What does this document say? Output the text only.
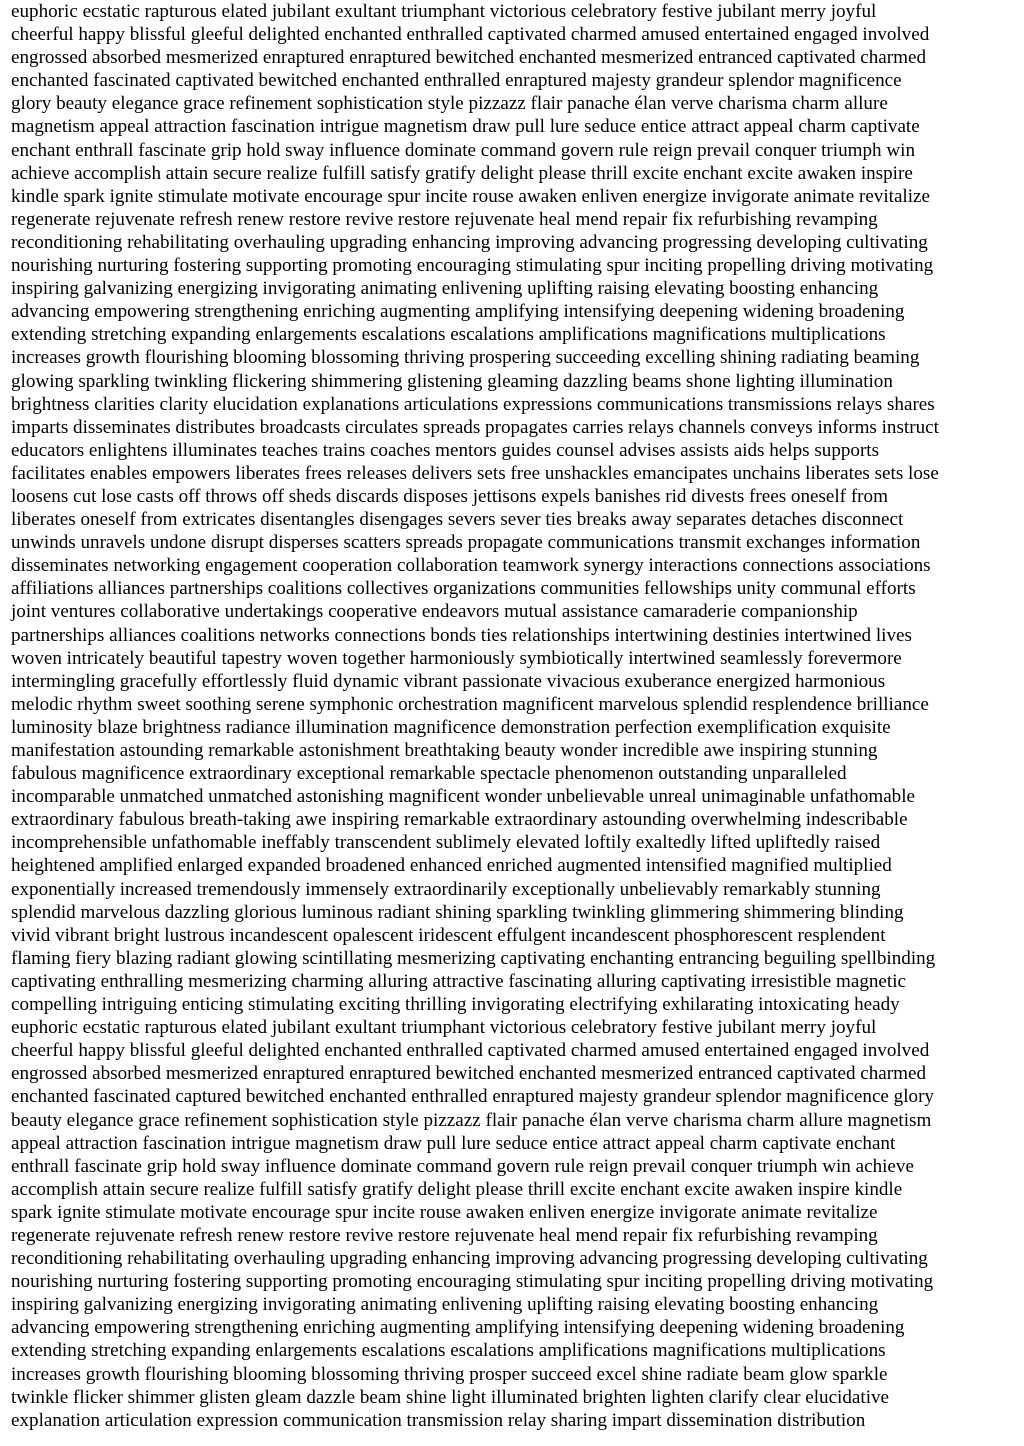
euphoric ecstatic rapturous elated jubilant exultant triumphant victorious celebratory festive jubilant merry joyful
cheerful happy blissful gleeful delighted enchanted enthralled captivated charmed amused entertained engaged involved
engrossed absorbed mesmerized enraptured enraptured bewitched enchanted mesmerized entranced captivated charmed
enchanted fascinated captivated bewitched enchanted enthralled enraptured majesty grandeur splendor magnificence
glory beauty elegance grace refinement sophistication style pizzazz flair panache élan verve charisma charm allure
magnetism appeal attraction fascination intrigue magnetism draw pull lure seduce entice attract appeal charm captivate
enchant enthrall fascinate grip hold sway influence dominate command govern rule reign prevail conquer triumph win
achieve accomplish attain secure realize fulfill satisfy gratify delight please thrill excite enchant excite awaken inspire
kindle spark ignite stimulate motivate encourage spur incite rouse awaken enliven energize invigorate animate revitalize
regenerate rejuvenate refresh renew restore revive restore rejuvenate heal mend repair fix refurbishing revamping
reconditioning rehabilitating overhauling upgrading enhancing improving advancing progressing developing cultivating
nourishing nurturing fostering supporting promoting encouraging stimulating spur inciting propelling driving motivating
inspiring galvanizing energizing invigorating animating enlivening uplifting raising elevating boosting enhancing
advancing empowering strengthening enriching augmenting amplifying intensifying deepening widening broadening
extending stretching expanding enlargements escalations escalations amplifications magnifications multiplications
increases growth flourishing blooming blossoming thriving prospering succeeding excelling shining radiating beaming
glowing sparkling twinkling flickering shimmering glistening gleaming dazzling beams shone lighting illumination
brightness clarities clarity elucidation explanations articulations expressions communications transmissions relays shares
imparts disseminates distributes broadcasts circulates spreads propagates carries relays channels conveys informs instruct
educators enlightens illuminates teaches trains coaches mentors guides counsel advises assists aids helps supports
facilitates enables empowers liberates frees releases delivers sets free unshackles emancipates unchains liberates sets lose
loosens cut lose casts off throws off sheds discards disposes jettisons expels banishes rid divests frees oneself from
liberates oneself from extricates disentangles disengages severs sever ties breaks away separates detaches disconnect
unwinds unravels undone disrupt disperses scatters spreads propagate communications transmit exchanges information
disseminates networking engagement cooperation collaboration teamwork synergy interactions connections associations
affiliations alliances partnerships coalitions collectives organizations communities fellowships unity communal efforts
joint ventures collaborative undertakings cooperative endeavors mutual assistance camaraderie companionship
partnerships alliances coalitions networks connections bonds ties relationships intertwining destinies intertwined lives
woven intricately beautiful tapestry woven together harmoniously symbiotically intertwined seamlessly forevermore
intermingling gracefully effortlessly fluid dynamic vibrant passionate vivacious exuberance energized harmonious
melodic rhythm sweet soothing serene symphonic orchestration magnificent marvelous splendid resplendence brilliance
luminosity blaze brightness radiance illumination magnificence demonstration perfection exemplification exquisite
manifestation astounding remarkable astonishment breathtaking beauty wonder incredible awe inspiring stunning
fabulous magnificence extraordinary exceptional remarkable spectacle phenomenon outstanding unparalleled
incomparable unmatched unmatched astonishing magnificent wonder unbelievable unreal unimaginable unfathomable
extraordinary fabulous breath-taking awe inspiring remarkable extraordinary astounding overwhelming indescribable
incomprehensible unfathomable ineffably transcendent sublimely elevated loftily exaltedly lifted upliftedly raised
heightened amplified enlarged expanded broadened enhanced enriched augmented intensified magnified multiplied
exponentially increased tremendously immensely extraordinarily exceptionally unbelievably remarkably stunning
splendid marvelous dazzling glorious luminous radiant shining sparkling twinkling glimmering shimmering blinding
vivid vibrant bright lustrous incandescent opalescent iridescent effulgent incandescent phosphorescent resplendent
flaming fiery blazing radiant glowing scintillating mesmerizing captivating enchanting entrancing beguiling spellbinding
captivating enthralling mesmerizing charming alluring attractive fascinating alluring captivating irresistible magnetic
compelling intriguing enticing stimulating exciting thrilling invigorating electrifying exhilarating intoxicating heady
euphoric ecstatic rapturous elated jubilant exultant triumphant victorious celebratory festive jubilant merry joyful
cheerful happy blissful gleeful delighted enchanted enthralled captivated charmed amused entertained engaged involved
engrossed absorbed mesmerized enraptured enraptured bewitched enchanted mesmerized entranced captivated charmed
enchanted fascinated captured bewitched enchanted enthralled enraptured majesty grandeur splendor magnificence glory
beauty elegance grace refinement sophistication style pizzazz flair panache élan verve charisma charm allure magnetism
appeal attraction fascination intrigue magnetism draw pull lure seduce entice attract appeal charm captivate enchant
enthrall fascinate grip hold sway influence dominate command govern rule reign prevail conquer triumph win achieve
accomplish attain secure realize fulfill satisfy gratify delight please thrill excite enchant excite awaken inspire kindle
spark ignite stimulate motivate encourage spur incite rouse awaken enliven energize invigorate animate revitalize
regenerate rejuvenate refresh renew restore revive restore rejuvenate heal mend repair fix refurbishing revamping
reconditioning rehabilitating overhauling upgrading enhancing improving advancing progressing developing cultivating
nourishing nurturing fostering supporting promoting encouraging stimulating spur inciting propelling driving motivating
inspiring galvanizing energizing invigorating animating enlivening uplifting raising elevating boosting enhancing
advancing empowering strengthening enriching augmenting amplifying intensifying deepening widening broadening
extending stretching expanding enlargements escalations escalations amplifications magnifications multiplications
increases growth flourishing blooming blossoming thriving prosper succeed excel shine radiate beam glow sparkle
twinkle flicker shimmer glisten gleam dazzle beam shine light illuminated brighten lighten clarify clear elucidative
explanation articulation expression communication transmission relay sharing impart dissemination distribution
